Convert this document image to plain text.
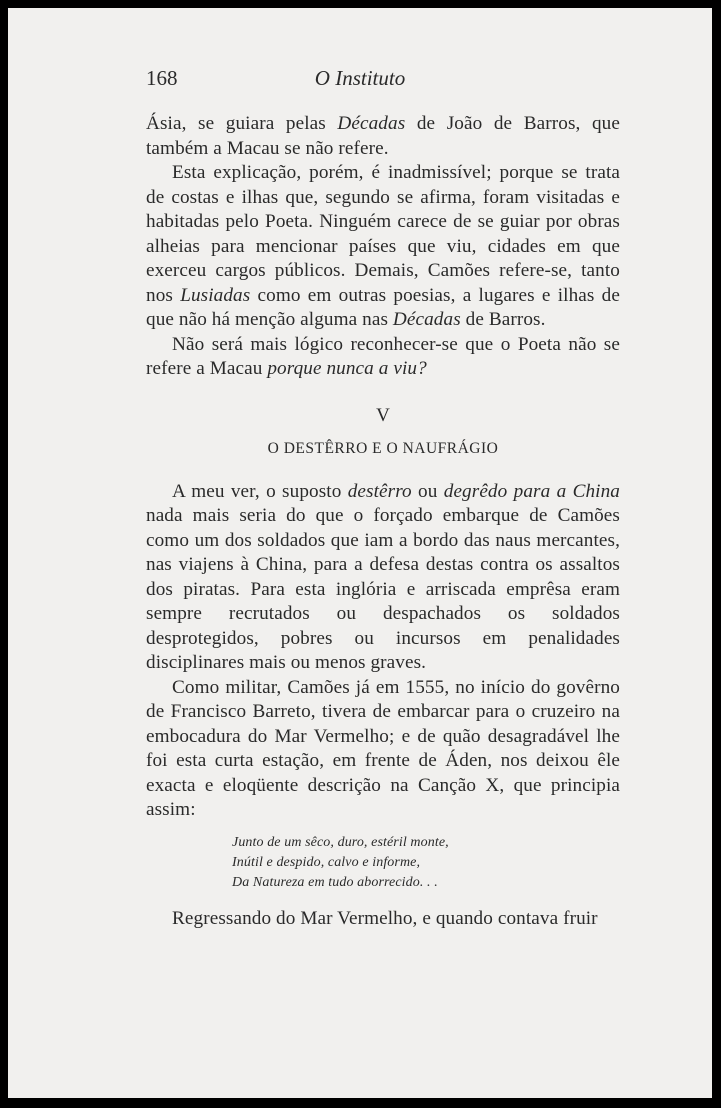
168	O Instituto

Ásia, se guiara pelas Décadas de João de Barros, que também a Macau se não refere.

Esta explicação, porém, é inadmissível; porque se trata de costas e ilhas que, segundo se afirma, foram visitadas e habitadas pelo Poeta. Ninguém carece de se guiar por obras alheias para mencionar países que viu, cidades em que exerceu cargos públicos. Demais, Camões refere-se, tanto nos Lusiadas como em outras poesias, a lugares e ilhas de que não há menção alguma nas Décadas de Barros.

Não será mais lógico reconhecer-se que o Poeta não se refere a Macau porque nunca a viu?

V
O DESTÊRRO E O NAUFRÁGIO

A meu ver, o suposto destêrro ou degrêdo para a China nada mais seria do que o forçado embarque de Camões como um dos soldados que iam a bordo das naus mercantes, nas viajens à China, para a defesa destas contra os assaltos dos piratas. Para esta inglória e arriscada emprêsa eram sempre recrutados ou despachados os soldados desprotegidos, pobres ou incursos em penalidades disciplinares mais ou menos graves.

Como militar, Camões já em 1555, no início do govêrno de Francisco Barreto, tivera de embarcar para o cruzeiro na embocadura do Mar Vermelho; e de quão desagradável lhe foi esta curta estação, em frente de Áden, nos deixou êle exacta e eloqüente descrição na Canção X, que principia assim:

Junto de um sêco, duro, estéril monte,
Inútil e despido, calvo e informe,
Da Natureza em tudo aborrecido. . .

Regressando do Mar Vermelho, e quando contava fruir
